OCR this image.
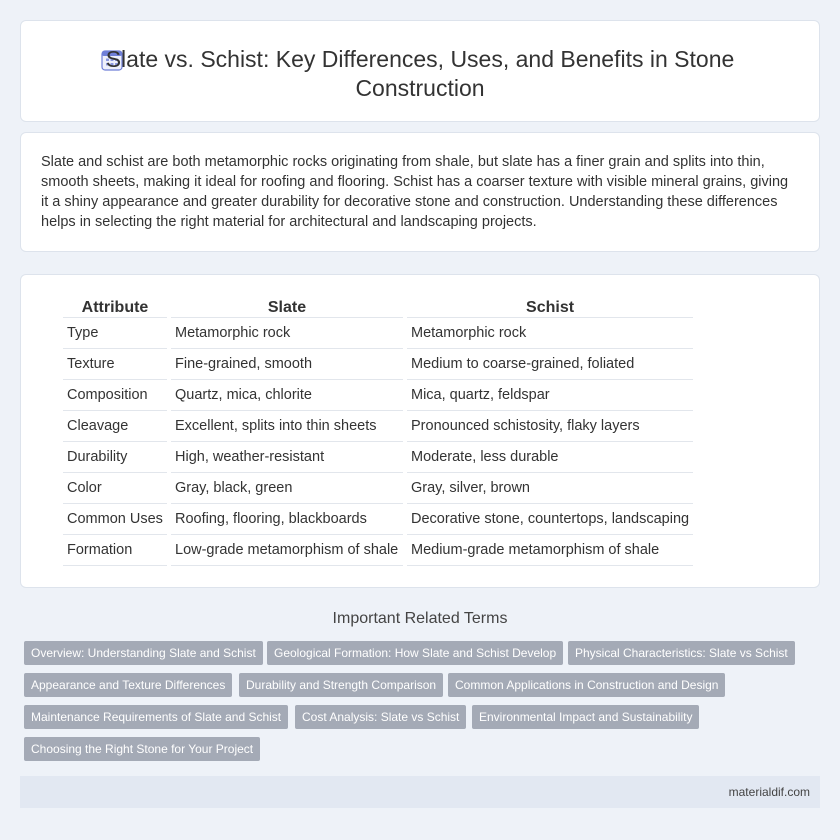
Slate vs. Schist: Key Differences, Uses, and Benefits in Stone Construction

Slate and schist are both metamorphic rocks originating from shale, but slate has a finer grain and splits into thin, smooth sheets, making it ideal for roofing and flooring. Schist has a coarser texture with visible mineral grains, giving it a shiny appearance and greater durability for decorative stone and construction. Understanding these differences helps in selecting the right material for architectural and landscaping projects.

Attribute	Slate	Schist
Type	Metamorphic rock	Metamorphic rock
Texture	Fine-grained, smooth	Medium to coarse-grained, foliated
Composition	Quartz, mica, chlorite	Mica, quartz, feldspar
Cleavage	Excellent, splits into thin sheets	Pronounced schistosity, flaky layers
Durability	High, weather-resistant	Moderate, less durable
Color	Gray, black, green	Gray, silver, brown
Common Uses	Roofing, flooring, blackboards	Decorative stone, countertops, landscaping
Formation	Low-grade metamorphism of shale	Medium-grade metamorphism of shale
Important Related Terms
Overview: Understanding Slate and Schist	Geological Formation: How Slate and Schist Develop	Physical Characteristics: Slate vs Schist
Appearance and Texture Differences	Durability and Strength Comparison	Common Applications in Construction and Design
Maintenance Requirements of Slate and Schist	Cost Analysis: Slate vs Schist	Environmental Impact and Sustainability
Choosing the Right Stone for Your Project
materialdif.com
